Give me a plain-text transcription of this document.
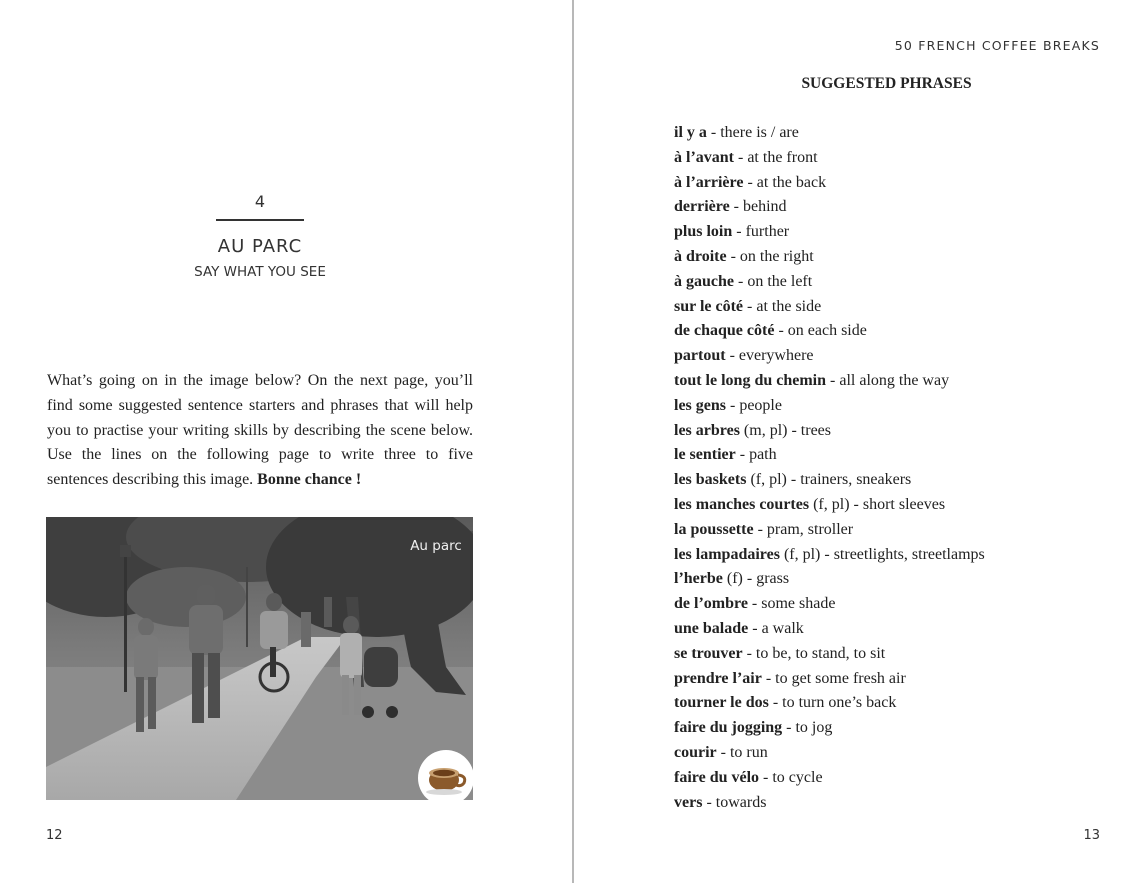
4
AU PARC
SAY WHAT YOU SEE

What’s going on in the image below? On the next page, you’ll find some suggested sentence starters and phrases that will help you to practise your writing skills by describing the scene below. Use the lines on the following page to write three to five sentences describing this image. Bonne chance !

Au parc
12
50 FRENCH COFFEE BREAKS
SUGGESTED PHRASES
il y a - there is / are
à l’avant - at the front
à l’arrière - at the back
derrière - behind
plus loin - further
à droite - on the right
à gauche - on the left
sur le côté - at the side
de chaque côté - on each side
partout - everywhere
tout le long du chemin - all along the way
les gens - people
les arbres (m, pl) - trees
le sentier - path
les baskets (f, pl) - trainers, sneakers
les manches courtes (f, pl) - short sleeves
la poussette - pram, stroller
les lampadaires (f, pl) - streetlights, streetlamps
l’herbe (f) - grass
de l’ombre - some shade
une balade - a walk
se trouver - to be, to stand, to sit
prendre l’air - to get some fresh air
tourner le dos - to turn one’s back
faire du jogging - to jog
courir - to run
faire du vélo - to cycle
vers - towards
13
